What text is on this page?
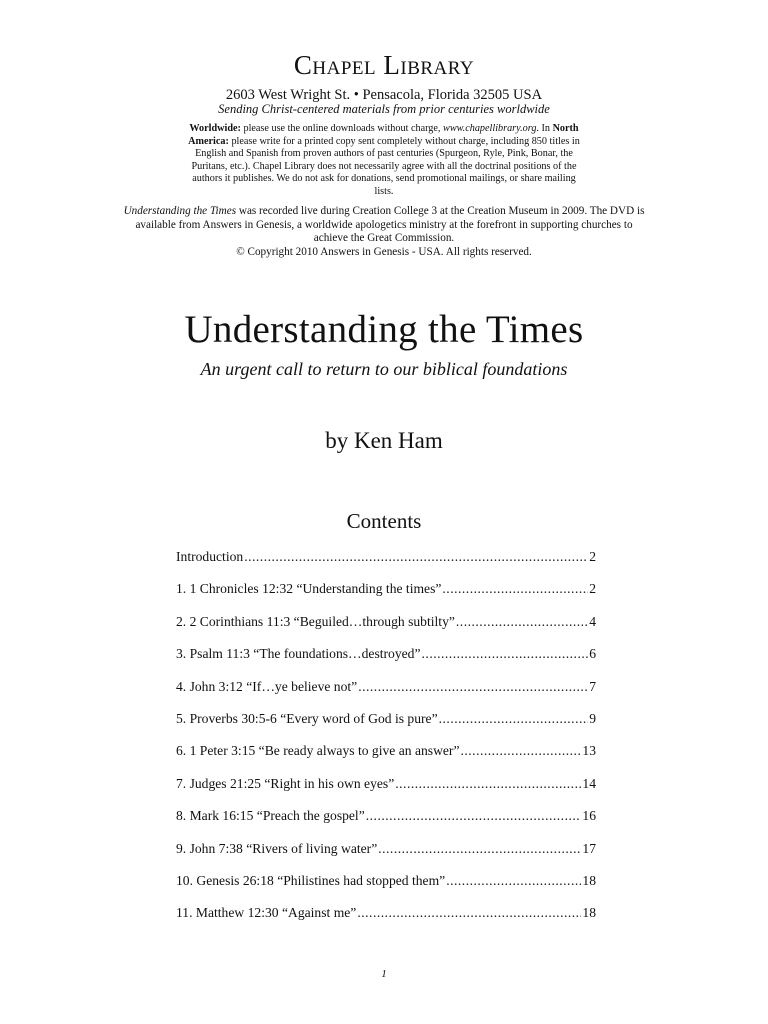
Chapel Library
2603 West Wright St. • Pensacola, Florida 32505 USA
Sending Christ-centered materials from prior centuries worldwide
Worldwide: please use the online downloads without charge, www.chapellibrary.org. In North America: please write for a printed copy sent completely without charge, including 850 titles in English and Spanish from proven authors of past centuries (Spurgeon, Ryle, Pink, Bonar, the Puritans, etc.). Chapel Library does not necessarily agree with all the doctrinal positions of the authors it publishes. We do not ask for donations, send promotional mailings, or share mailing lists.
Understanding the Times was recorded live during Creation College 3 at the Creation Museum in 2009. The DVD is available from Answers in Genesis, a worldwide apologetics ministry at the forefront in supporting churches to achieve the Great Commission.
© Copyright 2010 Answers in Genesis - USA. All rights reserved.
Understanding the Times
An urgent call to return to our biblical foundations
by Ken Ham
Contents
Introduction .....	2
1. 1 Chronicles 12:32 “Understanding the times” .....	2
2. 2 Corinthians 11:3 “Beguiled…through subtilty” .....	4
3. Psalm 11:3 “The foundations…destroyed” .....	6
4. John 3:12 “If…ye believe not” .....	7
5. Proverbs 30:5-6 “Every word of God is pure” .....	9
6. 1 Peter 3:15 “Be ready always to give an answer” .....	13
7. Judges 21:25 “Right in his own eyes” .....	14
8. Mark 16:15 “Preach the gospel” .....	16
9. John 7:38 “Rivers of living water” .....	17
10. Genesis 26:18 “Philistines had stopped them” .....	18
11. Matthew 12:30 “Against me” .....	18
1
